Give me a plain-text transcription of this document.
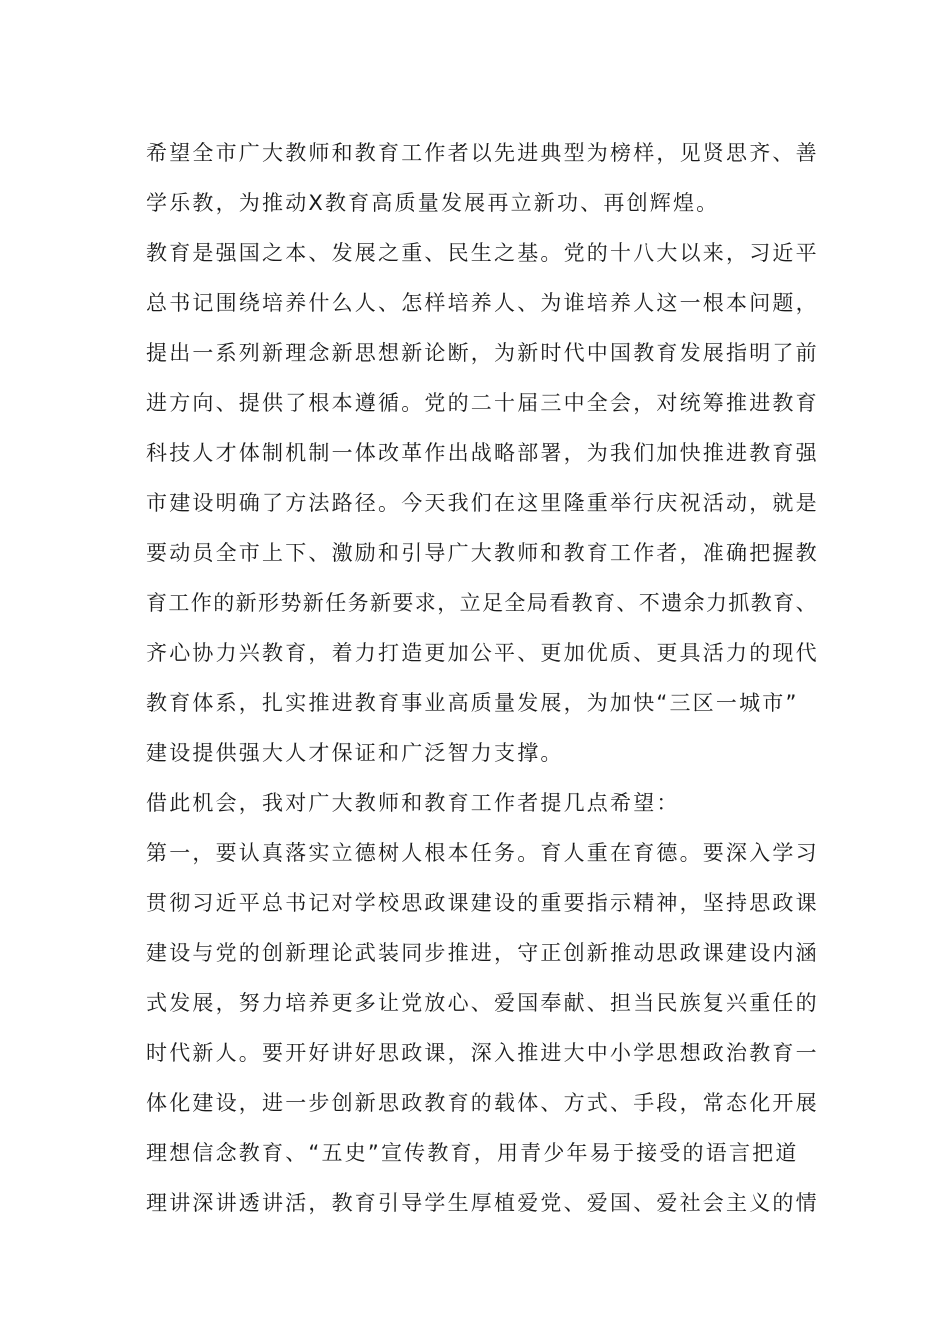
希望全市广大教师和教育工作者以先进典型为榜样，见贤思齐、善
学乐教，为推动X教育高质量发展再立新功、再创辉煌。
教育是强国之本、发展之重、民生之基。党的十八大以来，习近平
总书记围绕培养什么人、怎样培养人、为谁培养人这一根本问题，
提出一系列新理念新思想新论断，为新时代中国教育发展指明了前
进方向、提供了根本遵循。党的二十届三中全会，对统筹推进教育
科技人才体制机制一体改革作出战略部署，为我们加快推进教育强
市建设明确了方法路径。今天我们在这里隆重举行庆祝活动，就是
要动员全市上下、激励和引导广大教师和教育工作者，准确把握教
育工作的新形势新任务新要求，立足全局看教育、不遗余力抓教育、
齐心协力兴教育，着力打造更加公平、更加优质、更具活力的现代
教育体系，扎实推进教育事业高质量发展，为加快“三区一城市”
建设提供强大人才保证和广泛智力支撑。
借此机会，我对广大教师和教育工作者提几点希望：
第一，要认真落实立德树人根本任务。育人重在育德。要深入学习
贯彻习近平总书记对学校思政课建设的重要指示精神，坚持思政课
建设与党的创新理论武装同步推进，守正创新推动思政课建设内涵
式发展，努力培养更多让党放心、爱国奉献、担当民族复兴重任的
时代新人。要开好讲好思政课，深入推进大中小学思想政治教育一
体化建设，进一步创新思政教育的载体、方式、手段，常态化开展
理想信念教育、“五史”宣传教育，用青少年易于接受的语言把道
理讲深讲透讲活，教育引导学生厚植爱党、爱国、爱社会主义的情
